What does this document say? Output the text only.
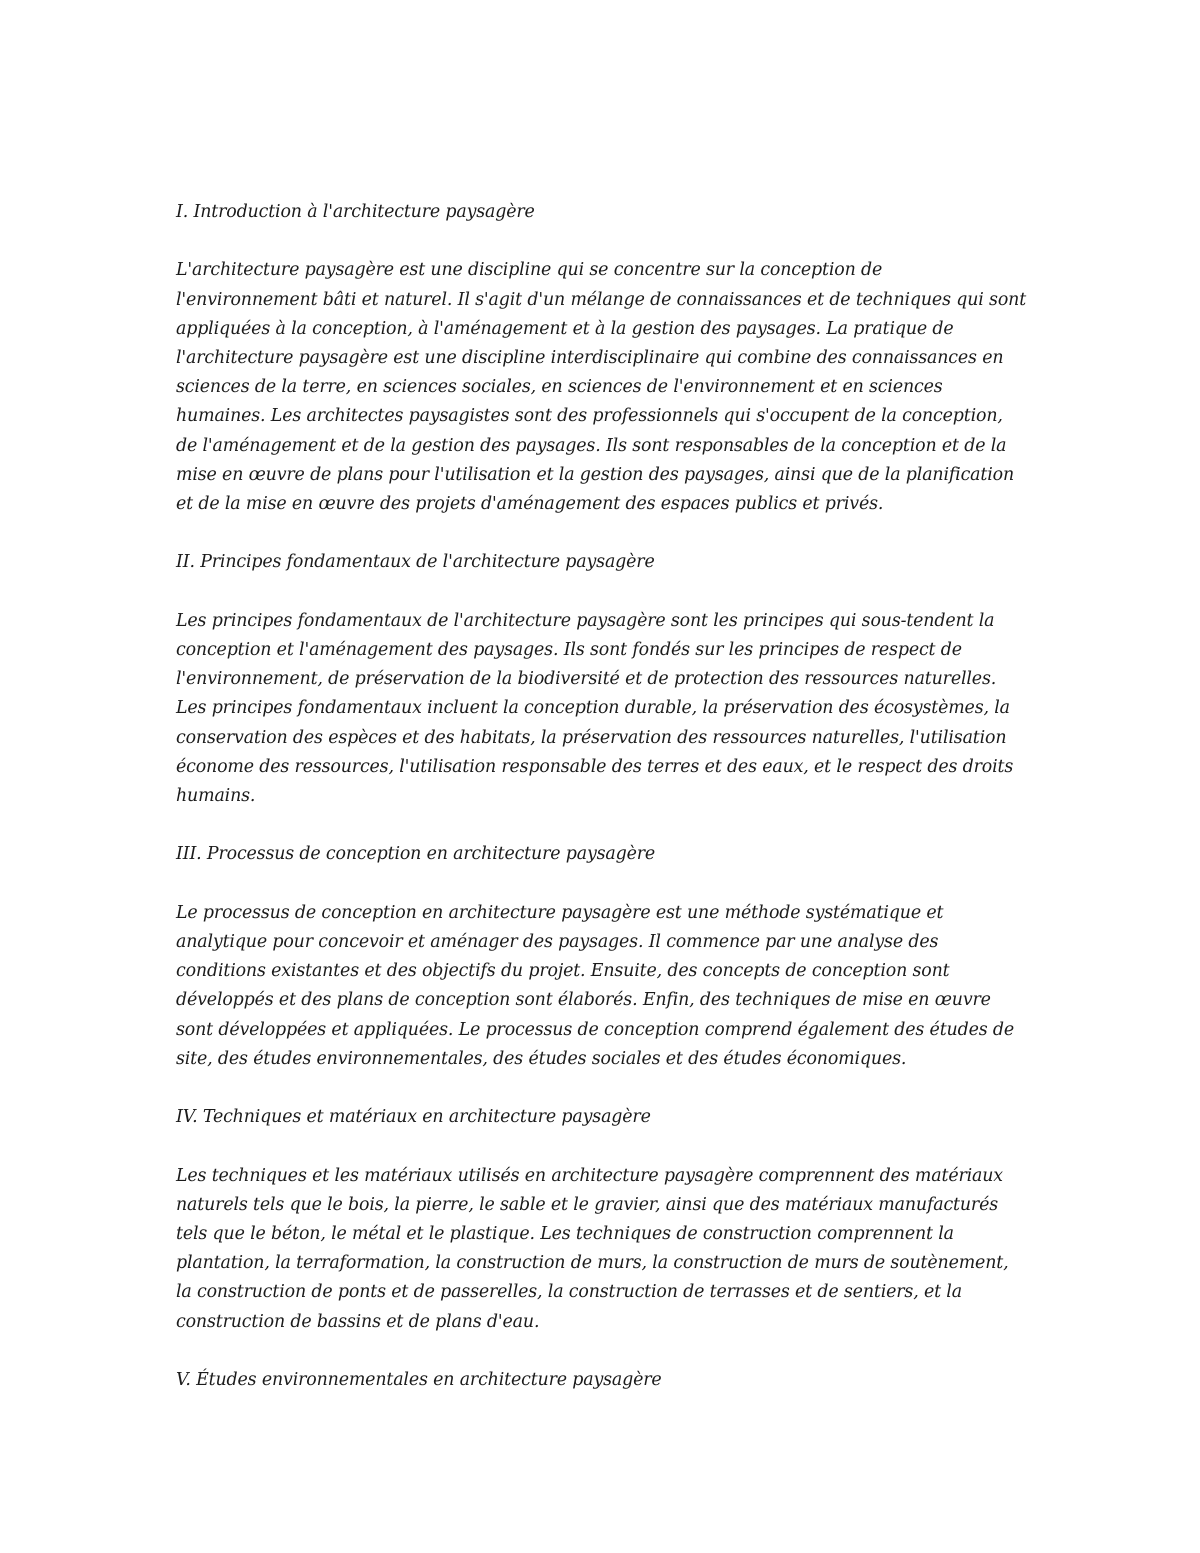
I. Introduction à l'architecture paysagère

L'architecture paysagère est une discipline qui se concentre sur la conception de l'environnement bâti et naturel. Il s'agit d'un mélange de connaissances et de techniques qui sont appliquées à la conception, à l'aménagement et à la gestion des paysages. La pratique de l'architecture paysagère est une discipline interdisciplinaire qui combine des connaissances en sciences de la terre, en sciences sociales, en sciences de l'environnement et en sciences humaines. Les architectes paysagistes sont des professionnels qui s'occupent de la conception, de l'aménagement et de la gestion des paysages. Ils sont responsables de la conception et de la mise en œuvre de plans pour l'utilisation et la gestion des paysages, ainsi que de la planification et de la mise en œuvre des projets d'aménagement des espaces publics et privés.

II. Principes fondamentaux de l'architecture paysagère

Les principes fondamentaux de l'architecture paysagère sont les principes qui sous-tendent la conception et l'aménagement des paysages. Ils sont fondés sur les principes de respect de l'environnement, de préservation de la biodiversité et de protection des ressources naturelles. Les principes fondamentaux incluent la conception durable, la préservation des écosystèmes, la conservation des espèces et des habitats, la préservation des ressources naturelles, l'utilisation économe des ressources, l'utilisation responsable des terres et des eaux, et le respect des droits humains.

III. Processus de conception en architecture paysagère

Le processus de conception en architecture paysagère est une méthode systématique et analytique pour concevoir et aménager des paysages. Il commence par une analyse des conditions existantes et des objectifs du projet. Ensuite, des concepts de conception sont développés et des plans de conception sont élaborés. Enfin, des techniques de mise en œuvre sont développées et appliquées. Le processus de conception comprend également des études de site, des études environnementales, des études sociales et des études économiques.

IV. Techniques et matériaux en architecture paysagère

Les techniques et les matériaux utilisés en architecture paysagère comprennent des matériaux naturels tels que le bois, la pierre, le sable et le gravier, ainsi que des matériaux manufacturés tels que le béton, le métal et le plastique. Les techniques de construction comprennent la plantation, la terraformation, la construction de murs, la construction de murs de soutènement, la construction de ponts et de passerelles, la construction de terrasses et de sentiers, et la construction de bassins et de plans d'eau.

V. Études environnementales en architecture paysagère
